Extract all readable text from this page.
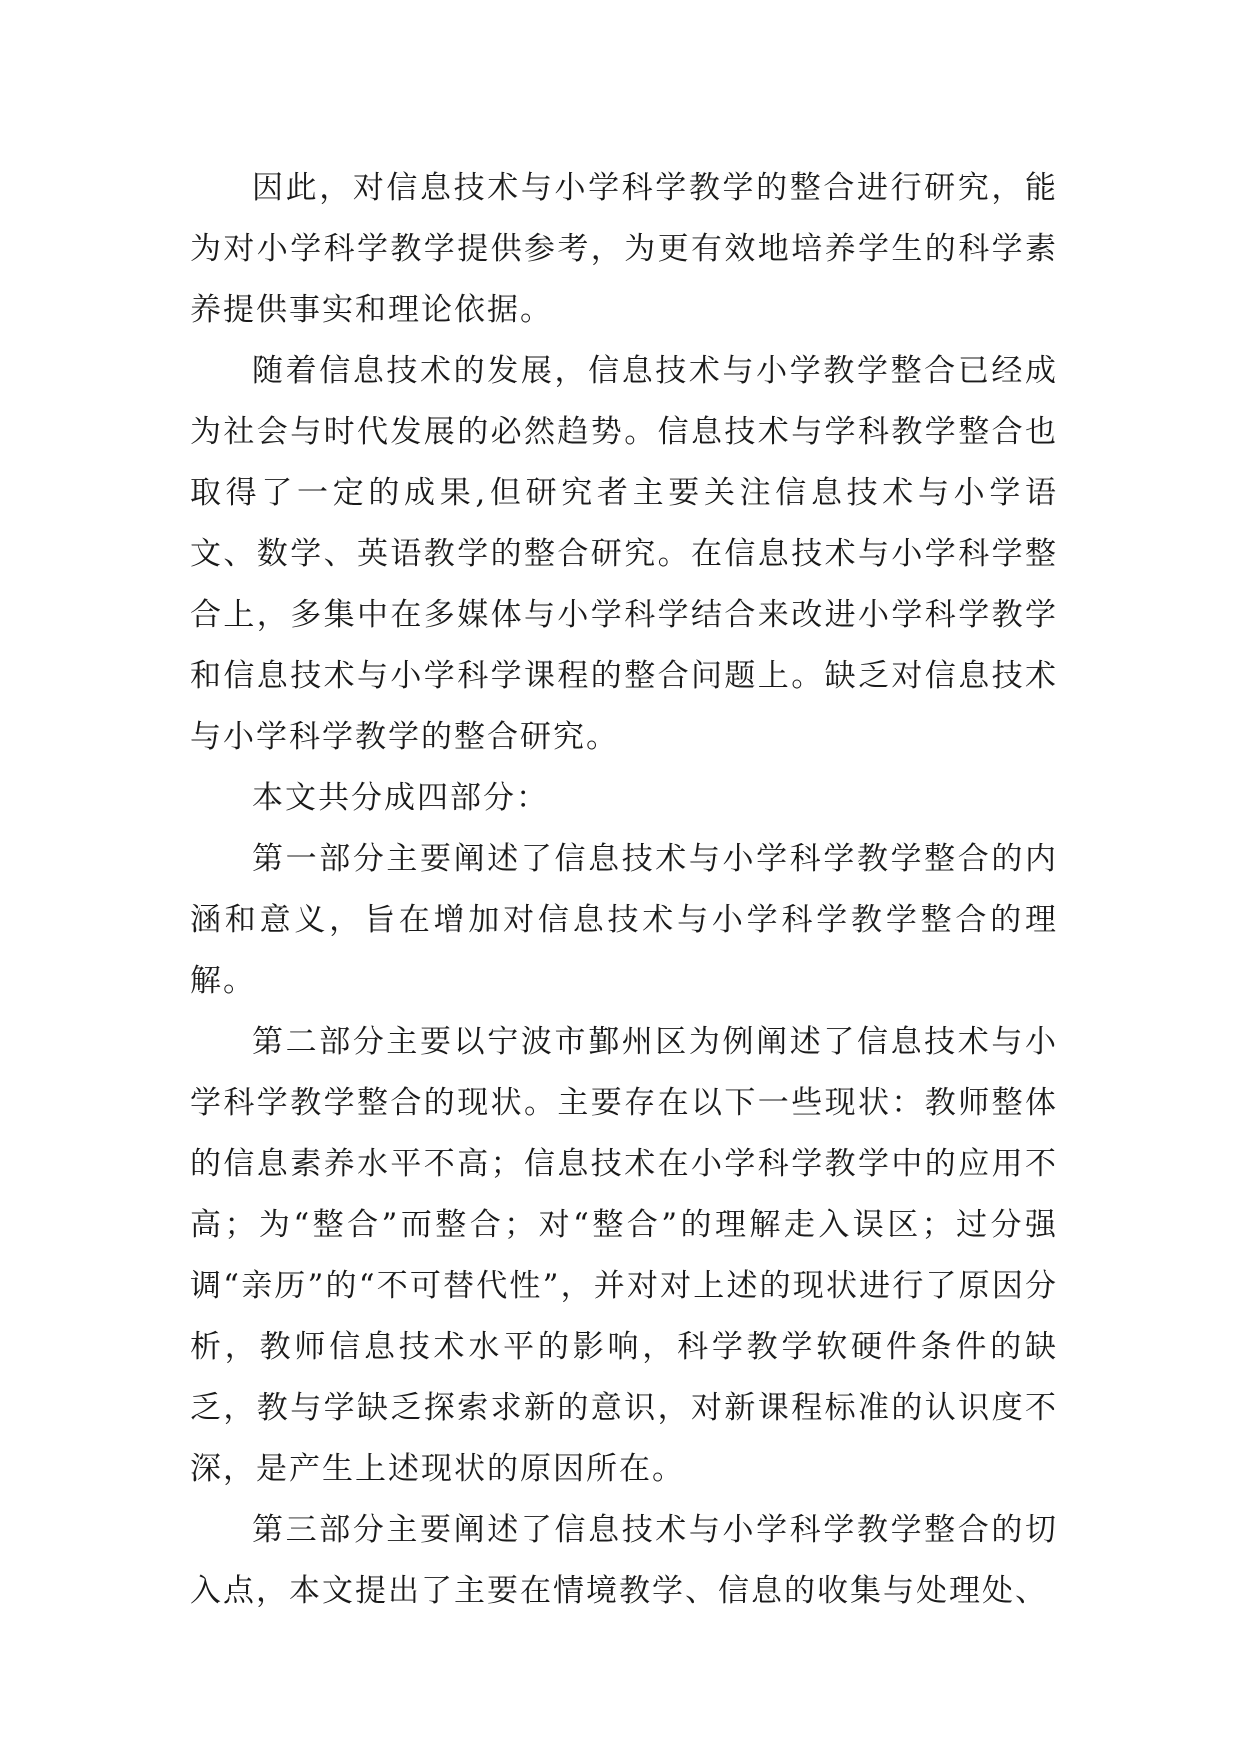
因此，对信息技术与小学科学教学的整合进行研究，能为对小学科学教学提供参考，为更有效地培养学生的科学素养提供事实和理论依据。

随着信息技术的发展，信息技术与小学教学整合已经成为社会与时代发展的必然趋势。信息技术与学科教学整合也取得了一定的成果,但研究者主要关注信息技术与小学语文、数学、英语教学的整合研究。在信息技术与小学科学整合上，多集中在多媒体与小学科学结合来改进小学科学教学和信息技术与小学科学课程的整合问题上。缺乏对信息技术与小学科学教学的整合研究。

本文共分成四部分：

第一部分主要阐述了信息技术与小学科学教学整合的内涵和意义，旨在增加对信息技术与小学科学教学整合的理解。

第二部分主要以宁波市鄞州区为例阐述了信息技术与小学科学教学整合的现状。主要存在以下一些现状：教师整体的信息素养水平不高；信息技术在小学科学教学中的应用不高；为“整合”而整合；对“整合”的理解走入误区；过分强调“亲历”的“不可替代性”，并对对上述的现状进行了原因分析，教师信息技术水平的影响，科学教学软硬件条件的缺乏，教与学缺乏探索求新的意识，对新课程标准的认识度不深，是产生上述现状的原因所在。

第三部分主要阐述了信息技术与小学科学教学整合的切入点，本文提出了主要在情境教学、信息的收集与处理处、
